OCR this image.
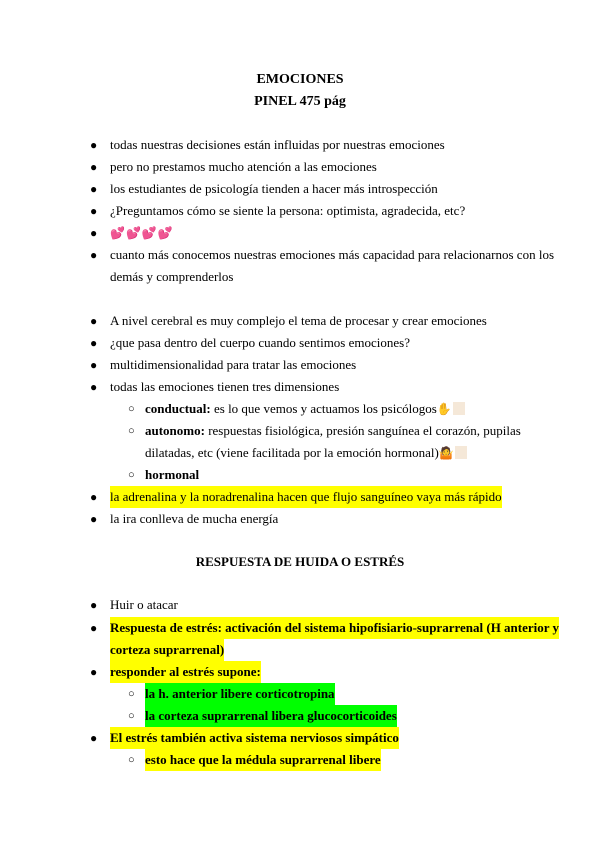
EMOCIONES
PINEL 475 pág
● todas nuestras decisiones están influidas por nuestras emociones
● pero no prestamos mucho atención a las emociones
● los estudiantes de psicología tienden a hacer más introspección
● ¿Preguntamos cómo se siente la persona: optimista, agradecida, etc?
● 💕💕💕💕
● cuanto más conocemos nuestras emociones más capacidad para relacionarnos con los
demás y comprenderlos
● A nivel cerebral es muy complejo el tema de procesar y crear emociones
● ¿que pasa dentro del cuerpo cuando sentimos emociones?
● multidimensionalidad para tratar las emociones
● todas las emociones tienen tres dimensiones
○ conductual: es lo que vemos y actuamos los psicólogos✋
○ autonomo: respuestas fisiológica, presión sanguínea el corazón, pupilas
dilatadas, etc (viene facilitada por la emoción hormonal)🤷
○ hormonal
● la adrenalina y la noradrenalina hacen que flujo sanguíneo vaya más rápido
● la ira conlleva de mucha energía
RESPUESTA DE HUIDA O ESTRÉS
● Huir o atacar
● Respuesta de estrés: activación del sistema hipofisiario-suprarrenal (H anterior y
corteza suprarrenal)
● responder al estrés supone:
○ la h. anterior libere corticotropina
○ la corteza suprarrenal libera glucocorticoides
● El estrés también activa sistema nerviosos simpático
○ esto hace que la médula suprarrenal libere
